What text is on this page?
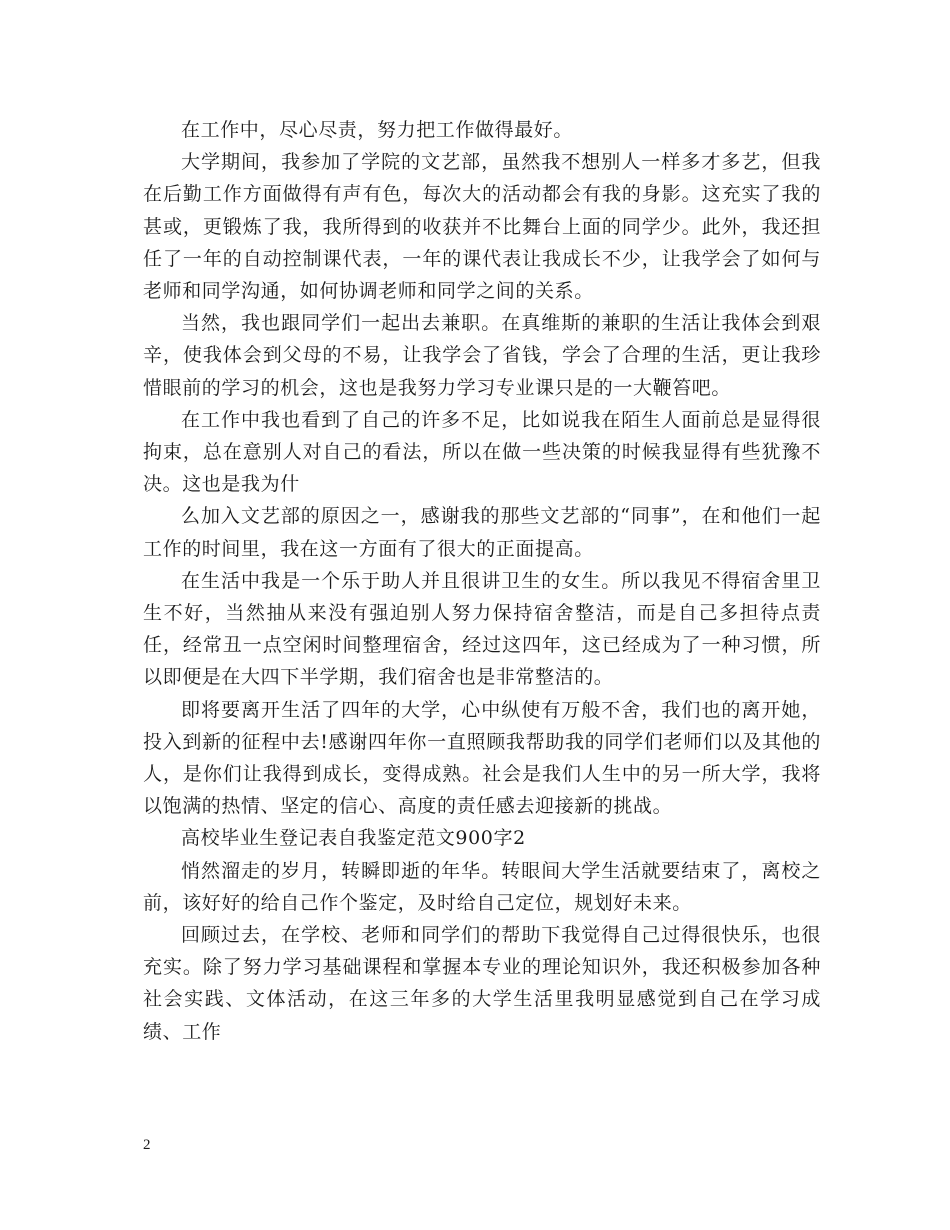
在工作中，尽心尽责，努力把工作做得最好。

大学期间，我参加了学院的文艺部，虽然我不想别人一样多才多艺，但我在后勤工作方面做得有声有色，每次大的活动都会有我的身影。这充实了我的甚或，更锻炼了我，我所得到的收获并不比舞台上面的同学少。此外，我还担任了一年的自动控制课代表，一年的课代表让我成长不少，让我学会了如何与老师和同学沟通，如何协调老师和同学之间的关系。

当然，我也跟同学们一起出去兼职。在真维斯的兼职的生活让我体会到艰辛，使我体会到父母的不易，让我学会了省钱，学会了合理的生活，更让我珍惜眼前的学习的机会，这也是我努力学习专业课只是的一大鞭笞吧。

在工作中我也看到了自己的许多不足，比如说我在陌生人面前总是显得很拘束，总在意别人对自己的看法，所以在做一些决策的时候我显得有些犹豫不决。这也是我为什

么加入文艺部的原因之一，感谢我的那些文艺部的“同事”，在和他们一起工作的时间里，我在这一方面有了很大的正面提高。

在生活中我是一个乐于助人并且很讲卫生的女生。所以我见不得宿舍里卫生不好，当然抽从来没有强迫别人努力保持宿舍整洁，而是自己多担待点责任，经常丑一点空闲时间整理宿舍，经过这四年，这已经成为了一种习惯，所以即便是在大四下半学期，我们宿舍也是非常整洁的。

即将要离开生活了四年的大学，心中纵使有万般不舍，我们也的离开她，投入到新的征程中去!感谢四年你一直照顾我帮助我的同学们老师们以及其他的人，是你们让我得到成长，变得成熟。社会是我们人生中的另一所大学，我将以饱满的热情、坚定的信心、高度的责任感去迎接新的挑战。

高校毕业生登记表自我鉴定范文900字2

悄然溜走的岁月，转瞬即逝的年华。转眼间大学生活就要结束了，离校之前，该好好的给自己作个鉴定，及时给自己定位，规划好未来。

回顾过去，在学校、老师和同学们的帮助下我觉得自己过得很快乐，也很充实。除了努力学习基础课程和掌握本专业的理论知识外，我还积极参加各种社会实践、文体活动，在这三年多的大学生活里我明显感觉到自己在学习成绩、工作

2
